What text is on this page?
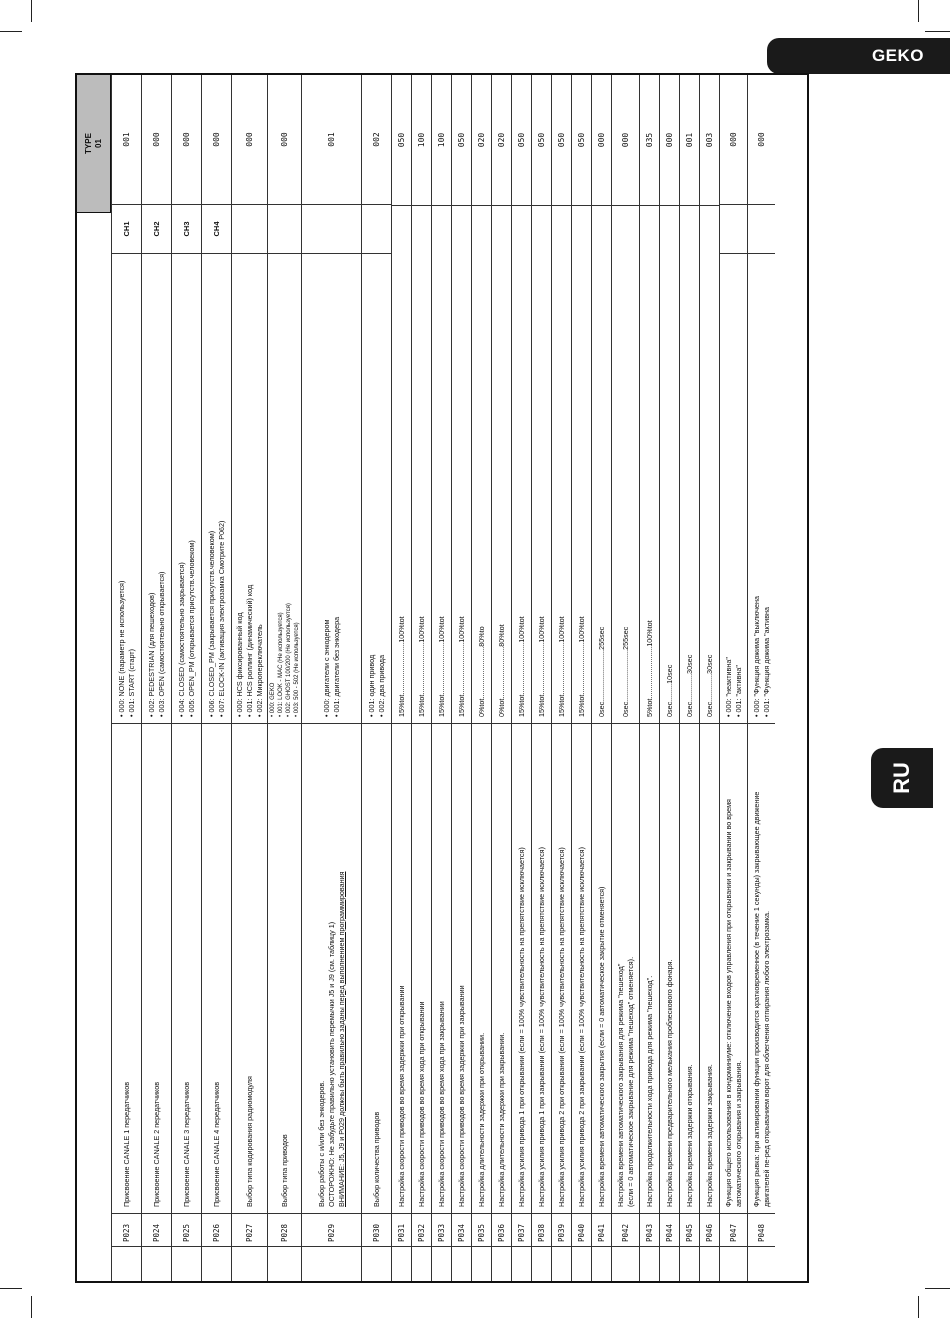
GEKO
RU
TYPE 01
P023
Присвоение CANALE 1 передатчиков
• 000: NONE (параметр не используется) • 001: START (старт)
CH1
001
P024
Присвоение CANALE 2 передатчиков
• 002: PEDESTRIAN (для пешеходов) • 003: OPEN (самостоятельно открывается)
CH2
000
P025
Присвоение CANALE 3 передатчиков
• 004: CLOSED (самостоятельно закрывается) • 005: OPEN_PM (открывается присутств.человеком)
CH3
000
P026
Присвоение CANALE 4 передатчиков
• 006: CLOSED_PM (закрывается присутств.человеком) • 007: ELOCK-IN (активация электрозамка Смотрите P062)
CH4
000
P027
Выбор типа кодирования радиомодуля
• 000: HCS фиксированный код • 001: HCS роллинг (динамический) код • 002: Микропереключатель
000
P028
Выбор типа приводов
• 000: GEKO • 001: LOOK - MAC (Не используется) • 002: GHOST 100/200 (Не используется) • 003: 500 - 502 (Не используется)
000
P029
Выбор работы с и/или без энкодеров. ОСТОРОЖНО: Не забудьте правильно установить перемычки J5 и J9 (см. таблицу 1) ВНИМАНИЕ: J5, J9 и P029 должны быть правильно заданы перед выполнением программирования
• 000: двигатели с энкодером • 001: двигатели без энкодера
001
P030
Выбор количества приводов
• 001: один привод • 002: два привода
002
P031
Настройка скорости приводов во время задержки при открывании
15%tot..........................100%tot
050
P032
Настройка скорости приводов во время хода при открывании
15%tot..........................100%tot
100
P033
Настройка скорости приводов во время хода при закрывании
15%tot..........................100%tot
100
P034
Настройка скорости приводов во время задержки при закрывании
15%tot..........................100%tot
050
P035
Настройка длительности задержки при открывании.
0%tot..........................80%to
020
P036
Настройка длительности задержки при закрывании.
0%tot..........................80%tot
020
P037
Настройка усилия привода 1 при открывании (если = 100% чувствительность на препятствие исключается)
15%tot..........................100%tot
050
P038
Настройка усилия привода 1 при закрывании (если = 100% чувствительность на препятствие исключается)
15%tot..........................100%tot
050
P039
Настройка усилия привода 2 при открывании (если = 100% чувствительность на препятствие исключается)
15%tot..........................100%tot
050
P040
Настройка усилия привода 2 при закрывании (если = 100% чувствительность на препятствие исключается)
15%tot..........................100%tot
050
P041
Настройка времени автоматического закрытия (если = 0 автоматическое закрытие отменяется)
0sec..........................255sec
000
P042
Настройка времени автоматического закрывания для режима "пешеход" (если = 0 автоматическое закрывание для режима "пешеход" отменяется).
0sec..........................255sec
000
P043
Настройка продолжительности хода привода для режима "пешеход".
5%tot..........................100%tot
035
P044
Настройка времени предварительного мелькания проблескового фонаря.
0sec.........10sec
000
P045
Настройка времени задержки открывания.
0sec..............30sec
001
P046
Настройка времени задержки закрывания.
0sec..............30sec
003
P047
Функция общего использования в кондоминиуме: отключение входов управления при открывании и закрывании во время автоматического открывания и закрывания.
• 000: "неактивна" • 001: "активна"
000
P048
Функция рывка: при активировании функции производится кратковременное (в течение 1 секунды) закрывающее движение двигателей пе-ред открыванием ворот для облегчения отпирания любого электрозамка.
• 000: "Функция дожима "выключена • 001: "Функция дожима "активна
000
